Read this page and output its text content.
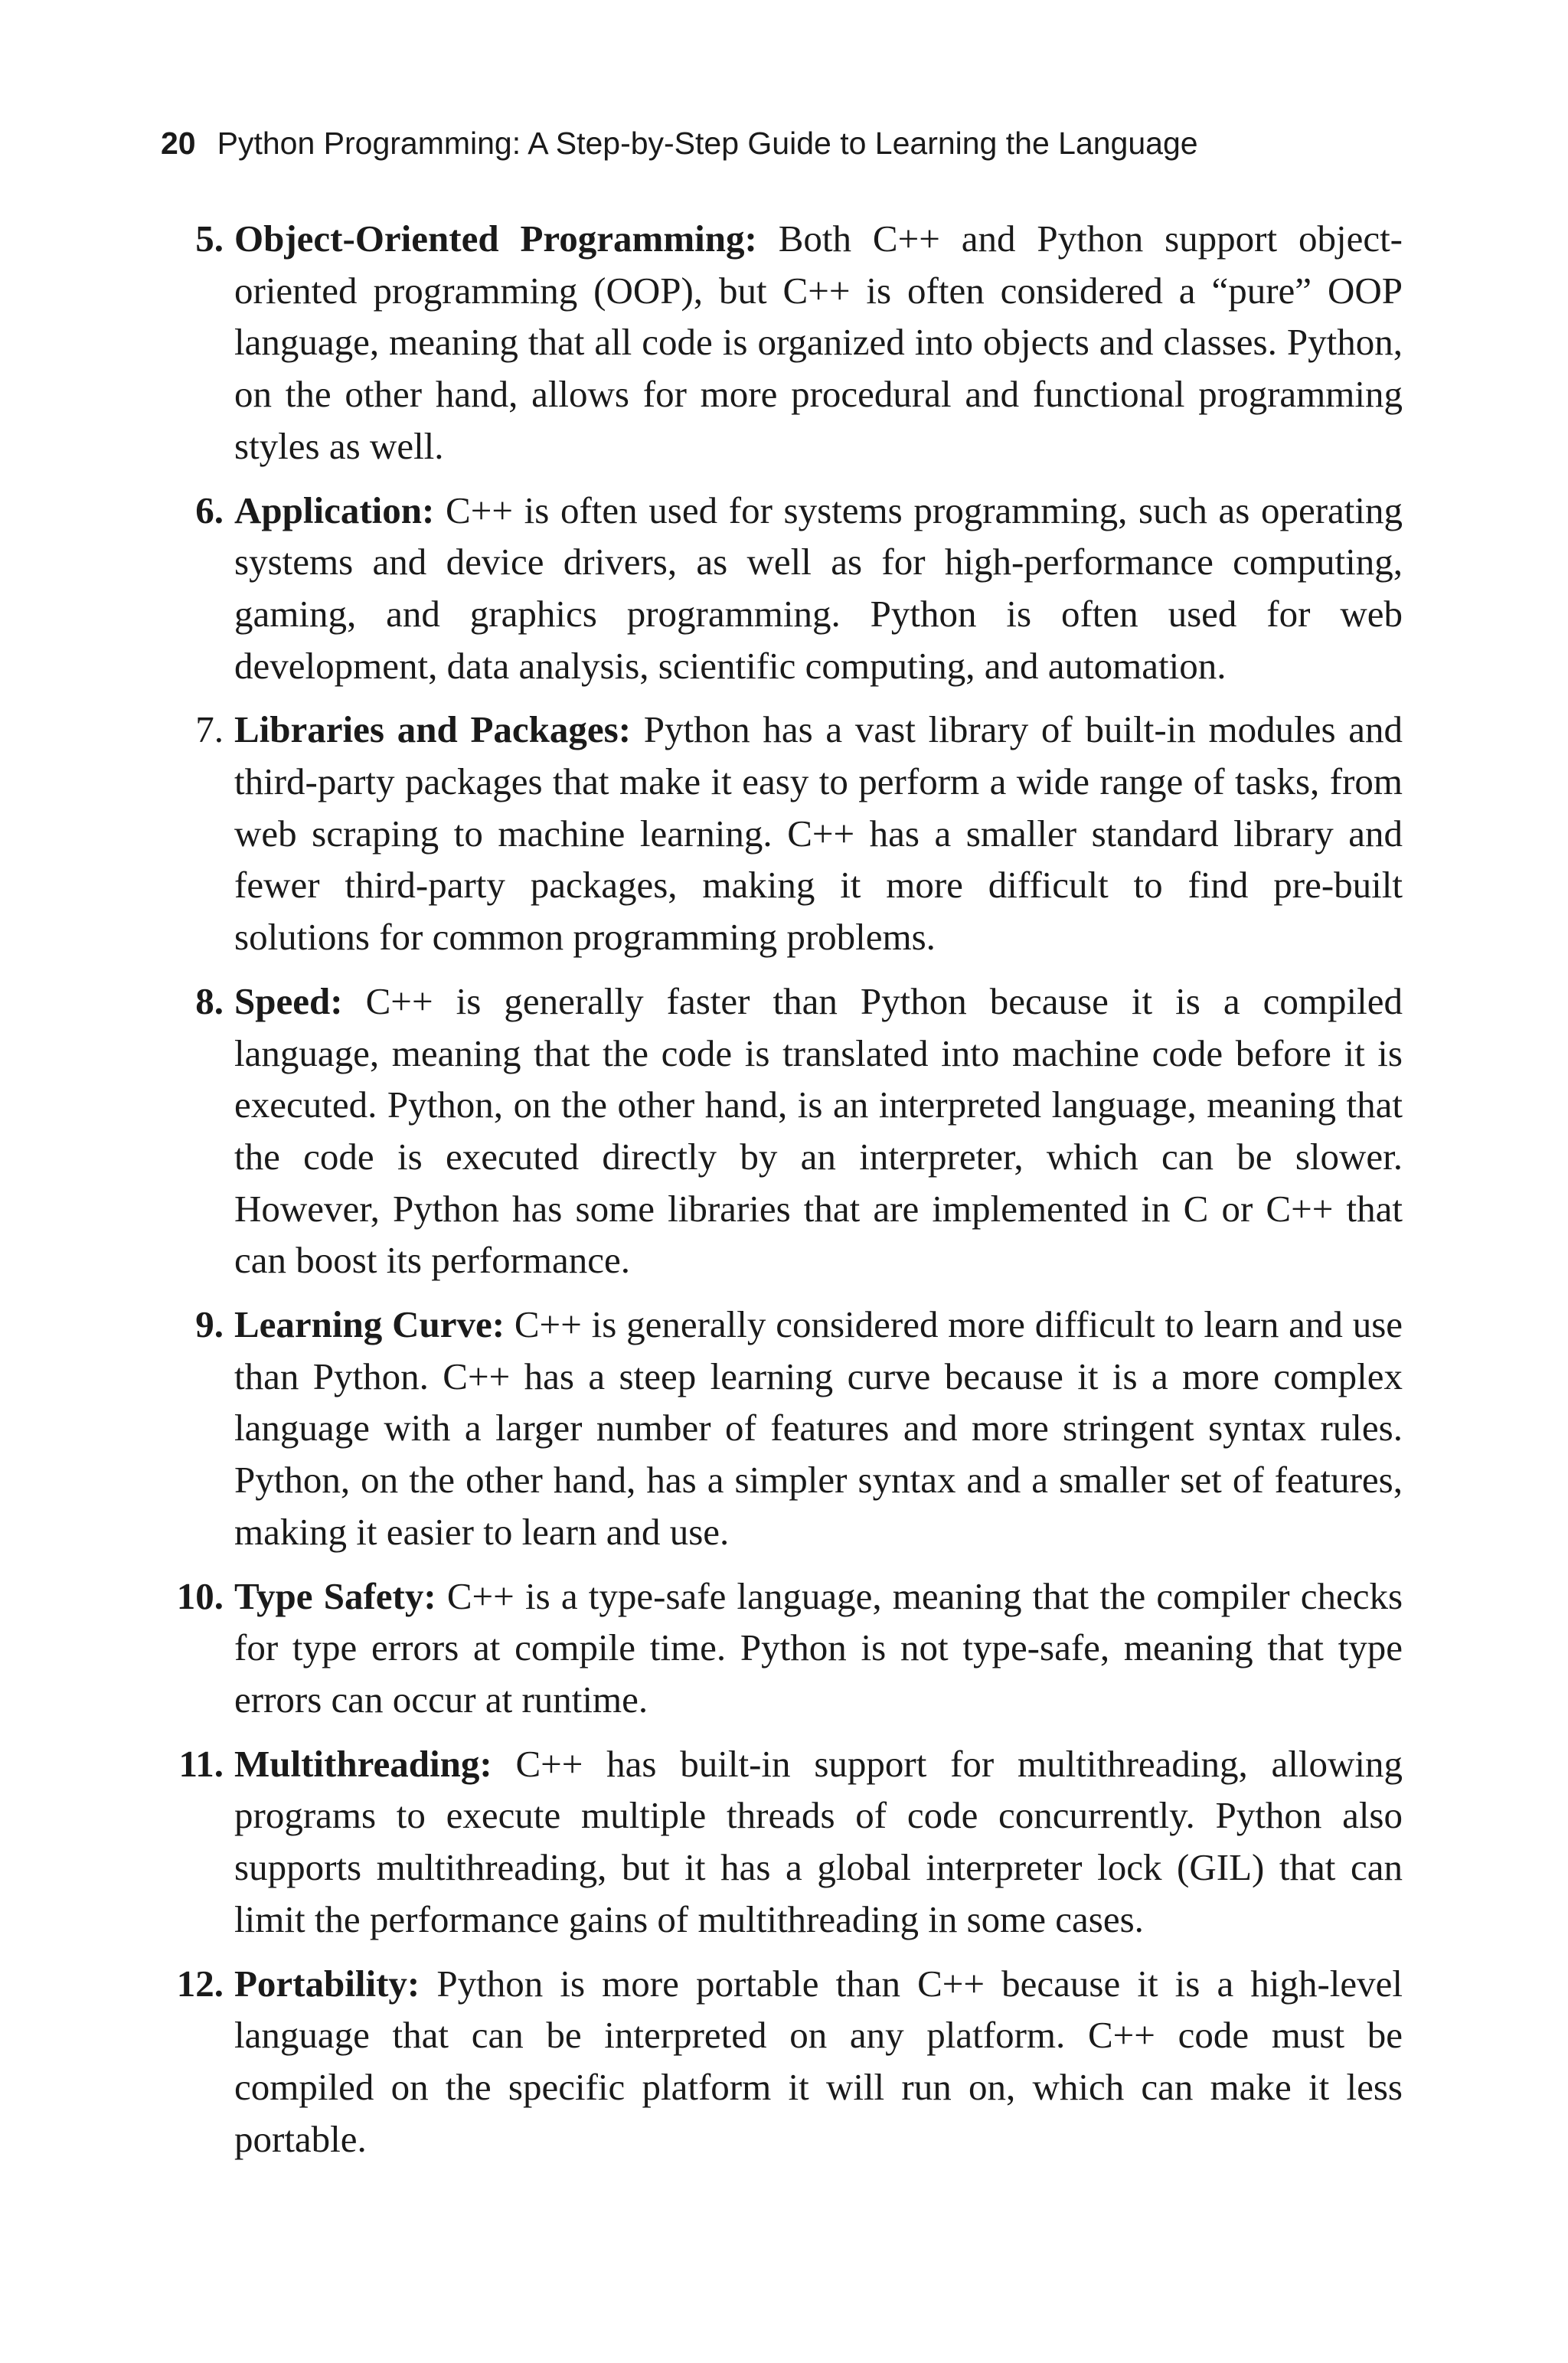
20 Python Programming: A Step-by-Step Guide to Learning the Language
5. Object-Oriented Programming: Both C++ and Python support object-oriented programming (OOP), but C++ is often considered a “pure” OOP language, meaning that all code is organized into objects and classes. Python, on the other hand, allows for more procedural and functional programming styles as well.
6. Application: C++ is often used for systems programming, such as operating systems and device drivers, as well as for high-performance computing, gaming, and graphics programming. Python is often used for web development, data analysis, scientific computing, and automation.
7. Libraries and Packages: Python has a vast library of built-in modules and third-party packages that make it easy to perform a wide range of tasks, from web scraping to machine learning. C++ has a smaller standard library and fewer third-party packages, making it more difficult to find pre-built solutions for common programming problems.
8. Speed: C++ is generally faster than Python because it is a compiled language, meaning that the code is translated into machine code before it is executed. Python, on the other hand, is an interpreted language, meaning that the code is executed directly by an interpreter, which can be slower. However, Python has some libraries that are implemented in C or C++ that can boost its performance.
9. Learning Curve: C++ is generally considered more difficult to learn and use than Python. C++ has a steep learning curve because it is a more complex language with a larger number of features and more stringent syntax rules. Python, on the other hand, has a simpler syntax and a smaller set of features, making it easier to learn and use.
10. Type Safety: C++ is a type-safe language, meaning that the compiler checks for type errors at compile time. Python is not type-safe, meaning that type errors can occur at runtime.
11. Multithreading: C++ has built-in support for multithreading, allowing programs to execute multiple threads of code concurrently. Python also supports multithreading, but it has a global interpreter lock (GIL) that can limit the performance gains of multithreading in some cases.
12. Portability: Python is more portable than C++ because it is a high-level language that can be interpreted on any platform. C++ code must be compiled on the specific platform it will run on, which can make it less portable.
